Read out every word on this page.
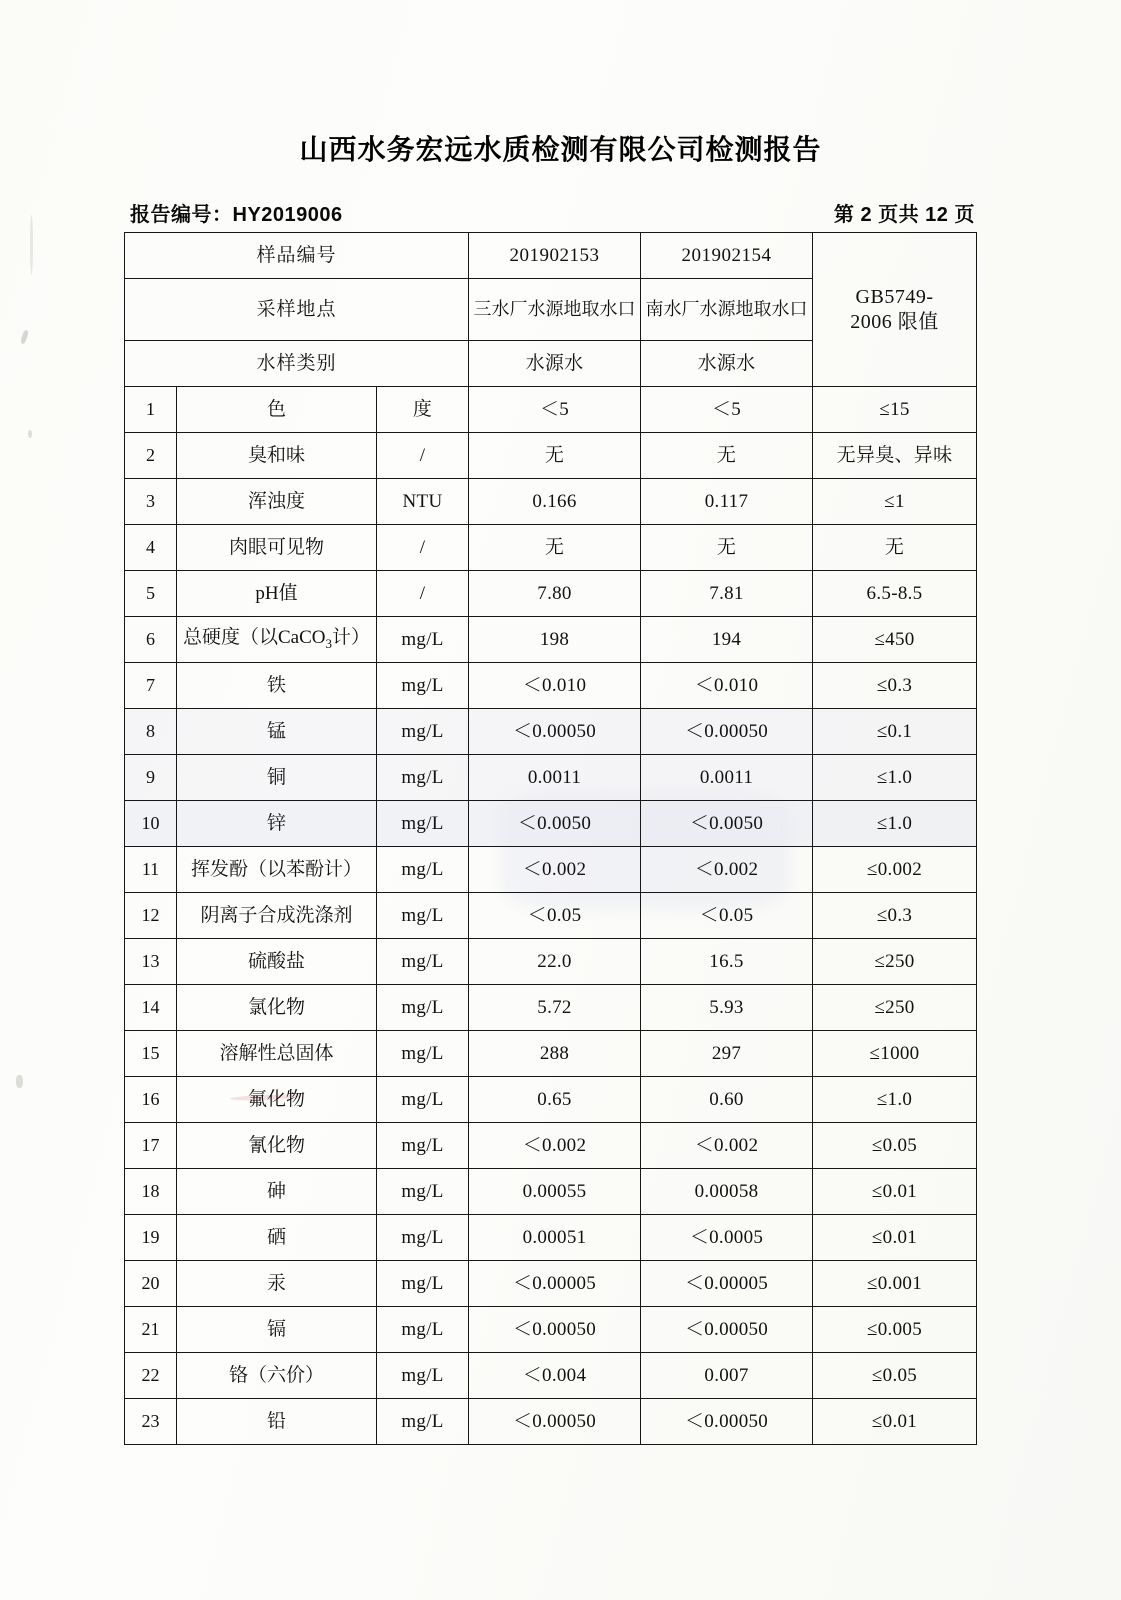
山西水务宏远水质检测有限公司检测报告
报告编号：HY2019006	第 2 页共 12 页
样品编号			201902153	201902154	GB5749-
2006 限值

采样地点			三水厂水源地取水口	南水厂水源地取水口	
水样类别			水源水	水源水	
1	色	度	＜5	＜5	≤15
2	臭和味	/	无	无	无异臭、异味
3	浑浊度	NTU	0.166	0.117	≤1
4	肉眼可见物	/	无	无	无
5	pH值	/	7.80	7.81	6.5-8.5
6	总硬度（以CaCO$_3$计）	mg/L	198	194	≤450
7	铁	mg/L	＜0.010	＜0.010	≤0.3
8	锰	mg/L	＜0.00050	＜0.00050	≤0.1
9	铜	mg/L	0.0011	0.0011	≤1.0
10	锌	mg/L	＜0.0050	＜0.0050	≤1.0
11	挥发酚（以苯酚计）	mg/L	＜0.002	＜0.002	≤0.002
12	阴离子合成洗涤剂	mg/L	＜0.05	＜0.05	≤0.3
13	硫酸盐	mg/L	22.0	16.5	≤250
14	氯化物	mg/L	5.72	5.93	≤250
15	溶解性总固体	mg/L	288	297	≤1000
16	氟化物	mg/L	0.65	0.60	≤1.0
17	氰化物	mg/L	＜0.002	＜0.002	≤0.05
18	砷	mg/L	0.00055	0.00058	≤0.01
19	硒	mg/L	0.00051	＜0.0005	≤0.01
20	汞	mg/L	＜0.00005	＜0.00005	≤0.001
21	镉	mg/L	＜0.00050	＜0.00050	≤0.005
22	铬（六价）	mg/L	＜0.004	0.007	≤0.05
23	铅	mg/L	＜0.00050	＜0.00050	≤0.01
